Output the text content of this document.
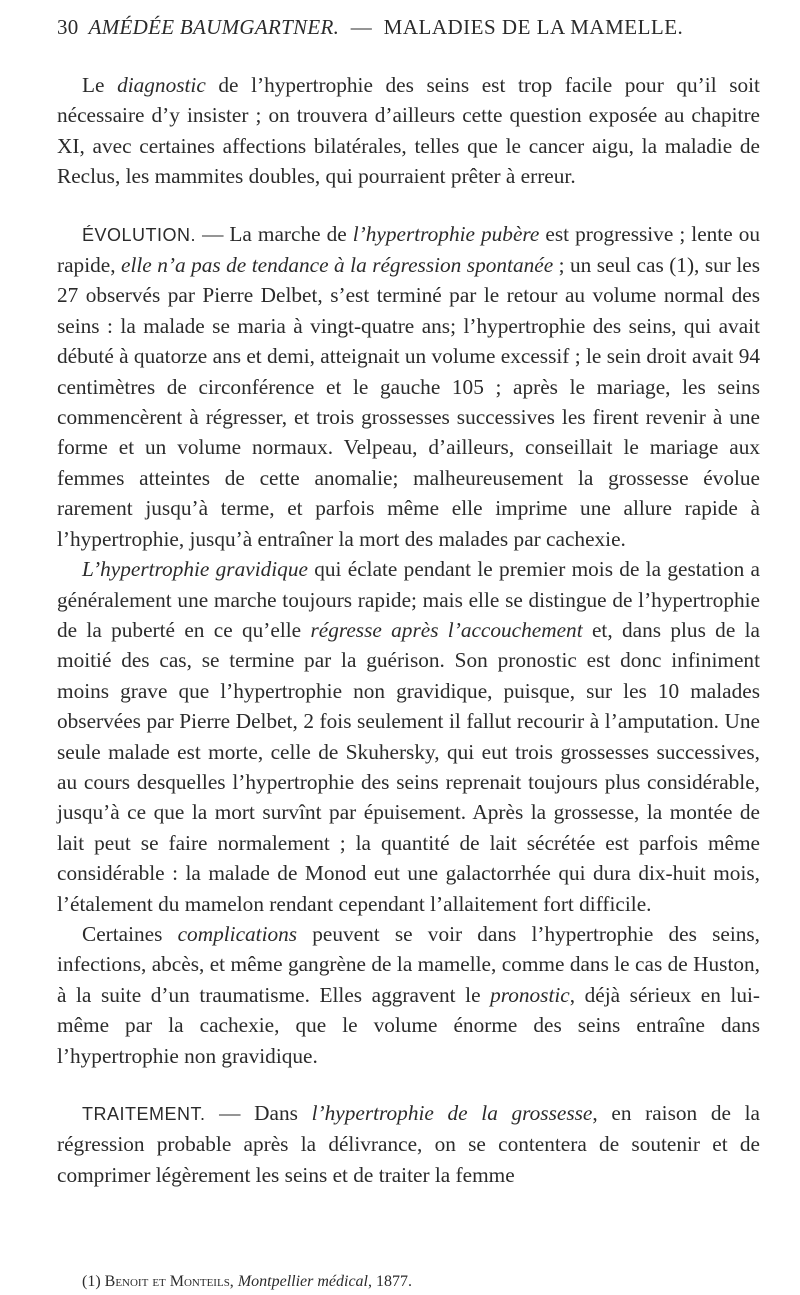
30 AMÉDÉE BAUMGARTNER. — MALADIES DE LA MAMELLE.

Le diagnostic de l’hypertrophie des seins est trop facile pour qu’il soit nécessaire d’y insister ; on trouvera d’ailleurs cette question exposée au chapitre XI, avec certaines affections bilatérales, telles que le cancer aigu, la maladie de Reclus, les mammites doubles, qui pourraient prêter à erreur.

ÉVOLUTION. — La marche de l’hypertrophie pubère est progressive ; lente ou rapide, elle n’a pas de tendance à la régression spontanée ; un seul cas (1), sur les 27 observés par Pierre Delbet, s’est terminé par le retour au volume normal des seins : la malade se maria à vingt-quatre ans; l’hypertrophie des seins, qui avait débuté à quatorze ans et demi, atteignait un volume excessif ; le sein droit avait 94 centimètres de circonférence et le gauche 105 ; après le mariage, les seins commencèrent à régresser, et trois grossesses successives les firent revenir à une forme et un volume normaux. Velpeau, d’ailleurs, conseillait le mariage aux femmes atteintes de cette anomalie; malheureusement la grossesse évolue rarement jusqu’à terme, et parfois même elle imprime une allure rapide à l’hypertrophie, jusqu’à entraîner la mort des malades par cachexie.

L’hypertrophie gravidique qui éclate pendant le premier mois de la gestation a généralement une marche toujours rapide; mais elle se distingue de l’hypertrophie de la puberté en ce qu’elle régresse après l’accouchement et, dans plus de la moitié des cas, se termine par la guérison. Son pronostic est donc infiniment moins grave que l’hypertrophie non gravidique, puisque, sur les 10 malades observées par Pierre Delbet, 2 fois seulement il fallut recourir à l’amputation. Une seule malade est morte, celle de Skuhersky, qui eut trois grossesses successives, au cours desquelles l’hypertrophie des seins reprenait toujours plus considérable, jusqu’à ce que la mort survînt par épuisement. Après la grossesse, la montée de lait peut se faire normalement ; la quantité de lait sécrétée est parfois même considérable : la malade de Monod eut une galactorrhée qui dura dix-huit mois, l’étalement du mamelon rendant cependant l’allaitement fort difficile.

Certaines complications peuvent se voir dans l’hypertrophie des seins, infections, abcès, et même gangrène de la mamelle, comme dans le cas de Huston, à la suite d’un traumatisme. Elles aggravent le pronostic, déjà sérieux en lui-même par la cachexie, que le volume énorme des seins entraîne dans l’hypertrophie non gravidique.

TRAITEMENT. — Dans l’hypertrophie de la grossesse, en raison de la régression probable après la délivrance, on se contentera de soutenir et de comprimer légèrement les seins et de traiter la femme

(1) Benoit et Monteils, Montpellier médical, 1877.
